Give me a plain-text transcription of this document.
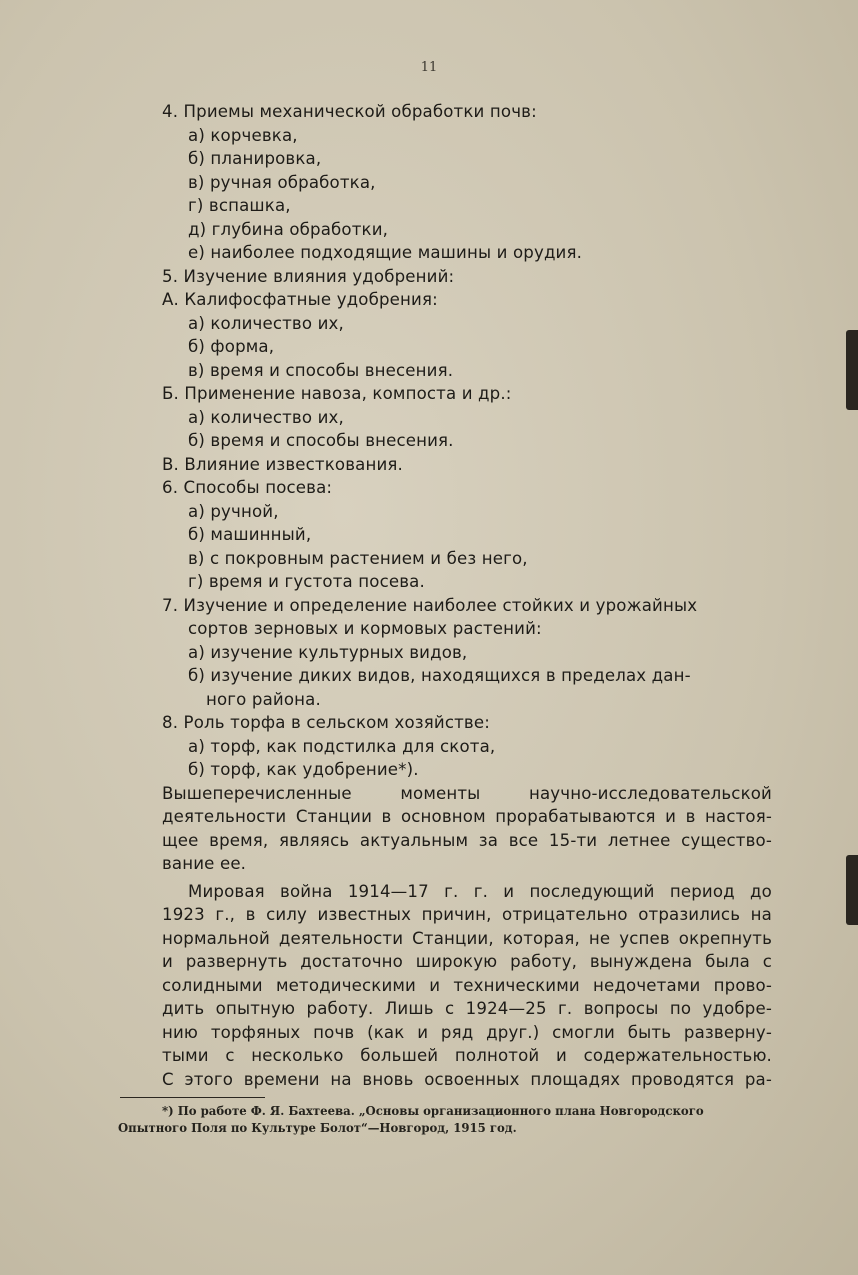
11
4. Приемы механической обработки почв:
а) корчевка,
б) планировка,
в) ручная обработка,
г) вспашка,
д) глубина обработки,
е) наиболее подходящие машины и орудия.
5. Изучение влияния удобрений:
А. Калифосфатные удобрения:
а) количество их,
б) форма,
в) время и способы внесения.
Б. Применение навоза, компоста и др.:
а) количество их,
б) время и способы внесения.
В. Влияние известкования.
6. Способы посева:
а) ручной,
б) машинный,
в) с покровным растением и без него,
г) время и густота посева.
7. Изучение и определение наиболее стойких и урожайных
сортов зерновых и кормовых растений:
а) изучение культурных видов,
б) изучение диких видов, находящихся в пределах дан-
ного района.
8. Роль торфа в сельском хозяйстве:
а) торф, как подстилка для скота,
б) торф, как удобрение*).
Вышеперечисленные моменты научно-исследовательской
деятельности Станции в основном прорабатываются и в настоя-
щее время, являясь актуальным за все 15-ти летнее существо-
вание ее.
Мировая война 1914—17 г. г. и последующий период до
1923 г., в силу известных причин, отрицательно отразились на
нормальной деятельности Станции, которая, не успев окрепнуть
и развернуть достаточно широкую работу, вынуждена была с
солидными методическими и техническими недочетами прово-
дить опытную работу. Лишь с 1924—25 г. вопросы по удобре-
нию торфяных почв (как и ряд друг.) смогли быть разверну-
тыми с несколько большей полнотой и содержательностью.
С этого времени на вновь освоенных площадях проводятся ра-
*) По работе Ф. Я. Бахтеева. „Основы организационного плана Новгородского
Опытного Поля по Культуре Болот“—Новгород, 1915 год.
